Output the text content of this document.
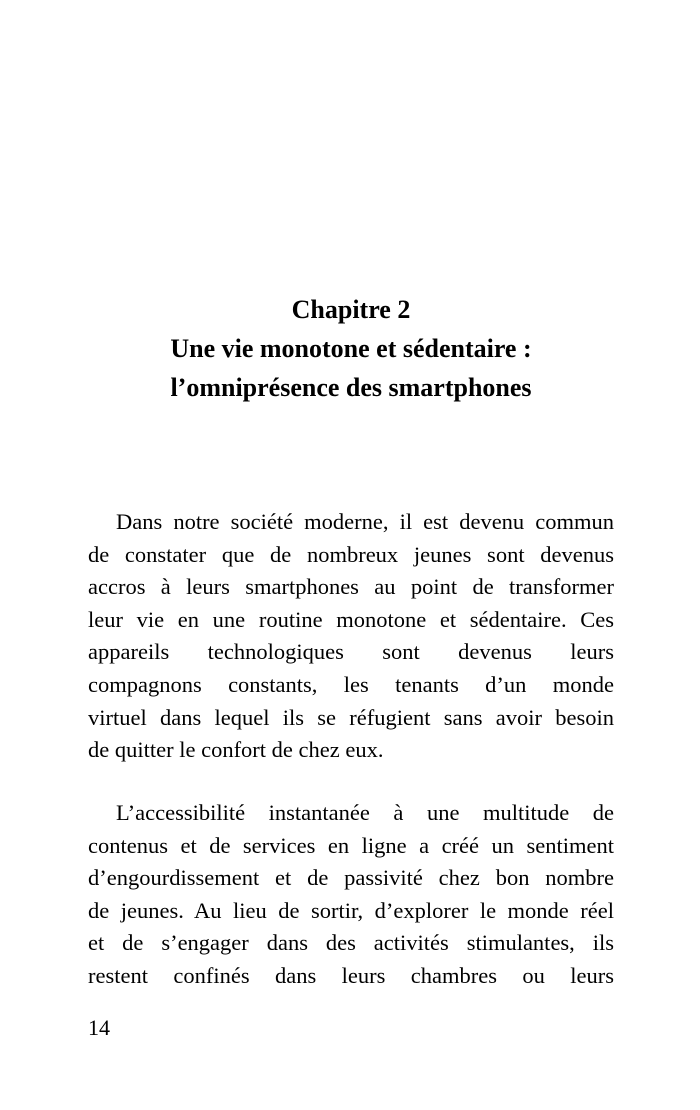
Chapitre 2
Une vie monotone et sédentaire :
l’omniprésence des smartphones

Dans notre société moderne, il est devenu commun
de constater que de nombreux jeunes sont devenus
accros à leurs smartphones au point de transformer
leur vie en une routine monotone et sédentaire. Ces
appareils technologiques sont devenus leurs
compagnons constants, les tenants d’un monde
virtuel dans lequel ils se réfugient sans avoir besoin
de quitter le confort de chez eux.

L’accessibilité instantanée à une multitude de
contenus et de services en ligne a créé un sentiment
d’engourdissement et de passivité chez bon nombre
de jeunes. Au lieu de sortir, d’explorer le monde réel
et de s’engager dans des activités stimulantes, ils
restent confinés dans leurs chambres ou leurs

14
